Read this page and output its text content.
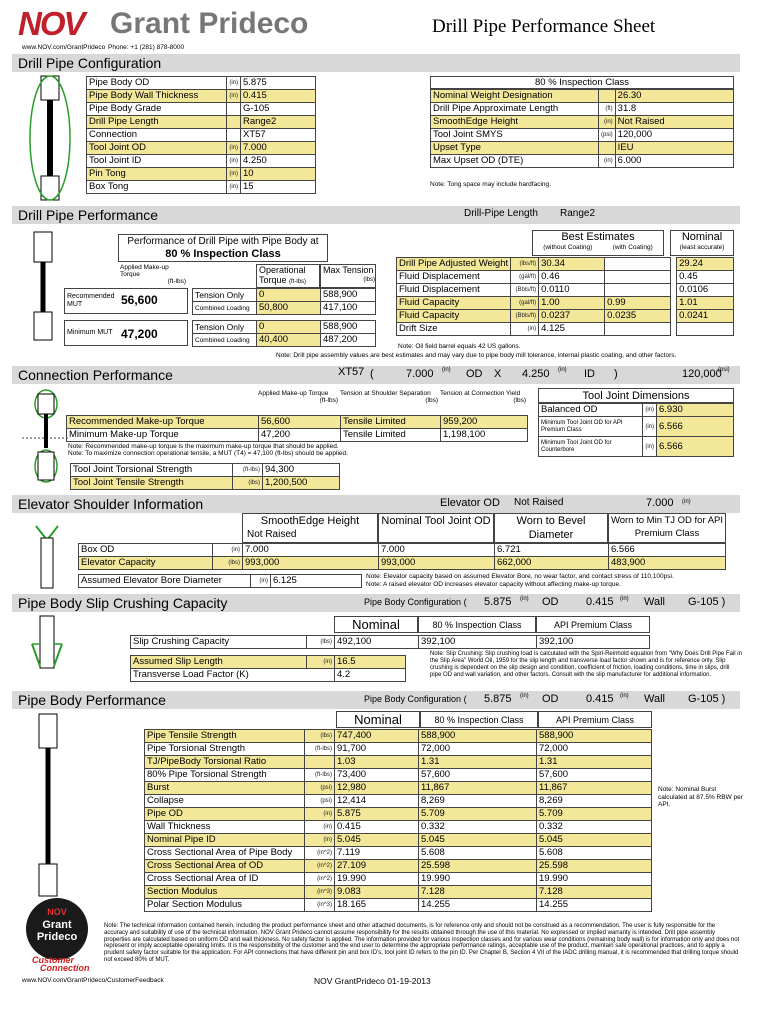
NOV Grant Prideco
www.NOV.com/GrantPrideco Phone: +1 (281) 878-8000
Drill Pipe Performance Sheet
Drill Pipe Configuration
Pipe Body OD	(in)	5.875
Pipe Body Wall Thickness	(in)	0.415
Pipe Body Grade		G-105
Drill Pipe Length		Range2
Connection		XT57
Tool Joint OD	(in)	7.000
Tool Joint ID	(in)	4.250
Pin Tong	(in)	10
Box Tong	(in)	15
80 % Inspection Class
Nominal Weight Designation		26.30
Drill Pipe Approximate Length	(ft)	31.8
SmoothEdge Height	(in)	Not Raised
Tool Joint SMYS	(psi)	120,000
Upset Type		IEU
Max Upset OD (DTE)	(in)	6.000
Note: Tong space may include hardfacing.
Drill Pipe Performance	Drill-Pipe Length Range2
Performance of Drill Pipe with Pipe Body at
80 % Inspection Class
Applied Make-up Torque

(ft-lbs)
Operational Torque (ft-lbs)
Max Tension

(lbs)
Recommended MUT	56,600
Minimum MUT 47,200
Tension Only	0	588,900
Combined Loading	50,800	417,100
Tension Only	0	588,900
Combined Loading	40,400	487,200
Best Estimates
(without Coating)	(with Coating)
Nominal
(least accurate)
Drill Pipe Adjusted Weight	(lbs/ft)	30.34			29.24
Fluid Displacement	(gal/ft)	0.46			0.45
Fluid Displacement	(Bbls/ft)	0.0110			0.0106
Fluid Capacity	(gal/ft)	1.00	0.99		1.01
Fluid Capacity	(Bbls/ft)	0.0237	0.0235		0.0241
Drift Size	(in)	4.125			
Note: Oil field barrel equals 42 US gallons.
Note: Drill pipe assembly values are best estimates and may vary due to pipe body mill tolerance, internal plastic coating, and other factors.
Connection Performance	XT57 (	7.000 (in) OD X 4.250 (in) ID )	120,000
(psi)
Applied Make-up Torque

(ft-lbs)
Tension at Shoulder Separation

(lbs)
Tension at Connection Yield

(lbs)
Recommended Make-up Torque	56,600	Tensile Limited	959,200
Minimum Make-up Torque	47,200	Tensile Limited	1,198,100
Note: Recommended make-up torque is the maximum make-up torque that should be applied.
Note: To maximize connection operational tensile, a MUT (T4) = 47,100 (ft-lbs) should be applied.
Tool Joint Torsional Strength	(ft-lbs)	94,300
Tool Joint Tensile Strength	(lbs)	1,200,500
Tool Joint Dimensions
Balanced OD	(in)	6.930
Minimum Tool Joint OD for API Premium Class	(in)	6.566
Minimum Tool Joint OD for Counterbore	(in)	6.566
Elevator Shoulder Information	Elevator OD Not Raised	7.000 (in)
SmoothEdge Height
Not Raised
Nominal Tool Joint OD	Worn to Bevel Diameter
Worn to Min TJ OD for API Premium Class
Box OD	(in)	7.000	7.000	6.721	6.566
Elevator Capacity	(lbs)	993,000	993,000	662,000	483,900
Assumed Elevator Bore Diameter	(in)	6.125	Note: Elevator capacity based on assumed Elevator Bore, no wear factor, and contact stress of 110,100psi.
Note: A raised elevator OD increases elevator capacity without affecting make-up torque.
Pipe Body Slip Crushing Capacity	Pipe Body Configuration ( 5.875 (in) OD	0.415 (in) Wall G-105 )
Nominal	80 % Inspection Class	API Premium Class
Slip Crushing Capacity	(lbs)	492,100	392,100	392,100
Assumed Slip Length	(in)	16.5
Transverse Load Factor (K)		4.2
Note: Slip Crushing: Slip crushing load is calculated with the Spiri-Reinhold equation from "Why Does Drill Pipe Fail in the Slip Area" World Oil, 1959 for the slip length and transverse load factor shown and is for reference only. Slip crushing is dependent on the slip design and condition, coefficient of friction, loading conditions, time in slips, drill pipe OD and wall variation, and other factors. Consult with the slip manufacturer for additional information.
Pipe Body Performance	Pipe Body Configuration ( 5.875 (in) OD	0.415 (in) Wall G-105 )
Nominal	80 % Inspection Class	API Premium Class
Pipe Tensile Strength	(lbs)	747,400	588,900	588,900
Pipe Torsional Strength	(ft-lbs)	91,700	72,000	72,000
TJ/PipeBody Torsional Ratio		1.03	1.31	1.31
80% Pipe Torsional Strength	(ft-lbs)	73,400	57,600	57,600
Burst	(psi)	12,980	11,867	11,867
Collapse	(psi)	12,414	8,269	8,269
Pipe OD	(in)	5.875	5.709	5.709
Wall Thickness	(in)	0.415	0.332	0.332
Nominal Pipe ID	(in)	5.045	5.045	5.045
Cross Sectional Area of Pipe Body	(in^2)	7.119	5.608	5.608
Cross Sectional Area of OD	(in^2)	27.109	25.598	25.598
Cross Sectional Area of ID	(in^2)	19.990	19.990	19.990
Section Modulus	(in^3)	9.083	7.128	7.128
Polar Section Modulus	(in^3)	18.165	14.255	14.255
Note: Nominal Burst calculated at 87.5% RBW per API.
NOV
Grant
Prideco
Customer
Connection
Note: The technical information contained herein, including the product performance sheet and other attached documents, is for reference only and should not be construed as a recommendation. The user is fully responsible for the accuracy and suitability of use of the technical information. NOV Grant Prideco cannot assume responsibility for the results obtained through the use of this material. No expressed or implied warranty is intended. Drill pipe assembly properties are calculated based on uniform OD and wall thickness. No safety factor is applied. The information provided for various inspection classes and for various wear conditions (remaining body wall) is for information only and does not represent or imply acceptable operating limits. It is the responsibility of the customer and the end user to determine the appropriate performance ratings, acceptable use of the product, maintain safe operational practices, and to apply a prudent safety factor suitable for the application. For API connections that have different pin and box ID's, tool joint ID refers to the pin ID. Per Chapter B, Section 4 VII of the IADC drilling manual, it is recommended that drilling torque should not exceed 80% of MUT.
www.NOV.com/GrantPrideco/CustomerFeedback	NOV GrantPrideco 01-19-2013
